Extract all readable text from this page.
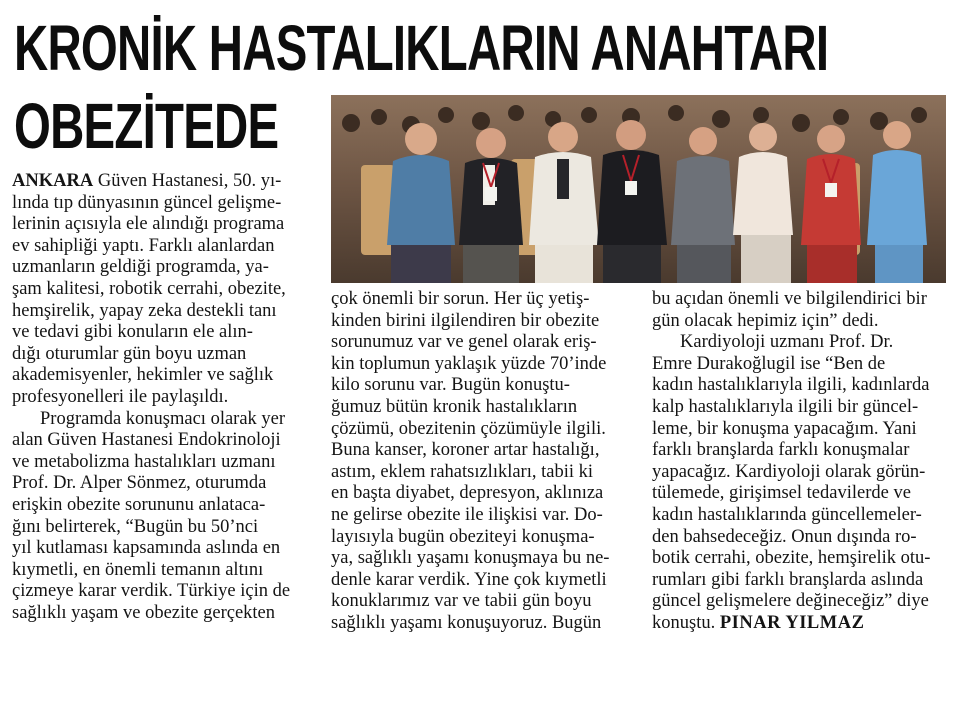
KRONİK HASTALIKLARIN ANAHTARI
OBEZİTEDE

ANKARA Güven Hastanesi, 50. yı-

lında tıp dünyasının güncel gelişme-

lerinin açısıyla ele alındığı programa

ev sahipliği yaptı. Farklı alanlardan

uzmanların geldiği programda, ya-

şam kalitesi, robotik cerrahi, obezite,

hemşirelik, yapay zeka destekli tanı

ve tedavi gibi konuların ele alın-

dığı oturumlar gün boyu uzman

akademisyenler, hekimler ve sağlık

profesyonelleri ile paylaşıldı.

Programda konuşmacı olarak yer

alan Güven Hastanesi Endokrinoloji

ve metabolizma hastalıkları uzmanı

Prof. Dr. Alper Sönmez, oturumda

erişkin obezite sorununu anlataca-

ğını belirterek, “Bugün bu 50’nci

yıl kutlaması kapsamında aslında en

kıymetli, en önemli temanın altını

çizmeye karar verdik. Türkiye için de

sağlıklı yaşam ve obezite gerçekten

çok önemli bir sorun. Her üç yetiş-

kinden birini ilgilendiren bir obezite

sorunumuz var ve genel olarak eriş-

kin toplumun yaklaşık yüzde 70’inde

kilo sorunu var. Bugün konuştu-

ğumuz bütün kronik hastalıkların

çözümü, obezitenin çözümüyle ilgili.

Buna kanser, koroner artar hastalığı,

astım, eklem rahatsızlıkları, tabii ki

en başta diyabet, depresyon, aklınıza

ne gelirse obezite ile ilişkisi var. Do-

layısıyla bugün obeziteyi konuşma-

ya, sağlıklı yaşamı konuşmaya bu ne-

denle karar verdik. Yine çok kıymetli

konuklarımız var ve tabii gün boyu

sağlıklı yaşamı konuşuyoruz. Bugün

bu açıdan önemli ve bilgilendirici bir

gün olacak hepimiz için” dedi.

Kardiyoloji uzmanı Prof. Dr.

Emre Durakoğlugil ise “Ben de

kadın hastalıklarıyla ilgili, kadınlarda

kalp hastalıklarıyla ilgili bir güncel-

leme, bir konuşma yapacağım. Yani

farklı branşlarda farklı konuşmalar

yapacağız. Kardiyoloji olarak görün-

tülemede, girişimsel tedavilerde ve

kadın hastalıklarında güncellemeler-

den bahsedeceğiz. Onun dışında ro-

botik cerrahi, obezite, hemşirelik otu-

rumları gibi farklı branşlarda aslında

güncel gelişmelere değineceğiz” diye

konuştu. PINAR YILMAZ
